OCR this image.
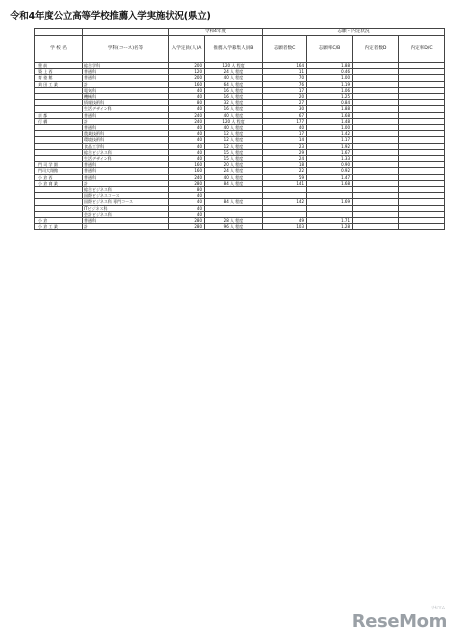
令和4年度公立高等学校推薦入学実施状況(県立)
		令和4年度		志願・内定状況			
学 校 名	学科(コース)名等	入学定員(人)A	推薦入学募集人員B	志願者数C	志願率C/B	内定者数D	内定率D/C
豊 前	総合学科	200	120 人 程度	164	1.88		
築 上 西	普通科	120	24 人 程度	11	0.46		
育 徳 館	普通科	200	40 人 程度	70	1.00		
苅 田 工 業	計	160	64 人 程度	76	1.19		
	電気科	40	16 人 程度	17	1.06		
	機械科	40	16 人 程度	20	1.25		
	情報技術科	80	32 人 程度	27	0.84		
	生活デザイン科	40	16 人 程度	30	1.88		
京 都	普通科	240	40 人 程度	67	1.68		
行 橋	計	240	120 人 程度	177	1.48		
	普通科	40	40 人 程度	40	1.00		
	農業技術科	40	12 人 程度	17	1.42		
	環境技術科	40	12 人 程度	14	1.17		
	食品工学科	40	12 人 程度	23	1.92		
	総合ビジネス科	40	15 人 程度	29	1.67		
	生活デザイン科	40	15 人 程度	24	1.33		
門 司 学 園	普通科	160	20 人 程度	18	0.90		
門司大翔館	普通科	160	24 人 程度	22	0.92		
小 倉 西	普通科	240	40 人 程度	59	1.47		
小 倉 商 業	計	280	84 人 程度	141	1.68		
	総合ビジネス科	80					
	国際ビジネスコース	40					
	国際ビジネス科 専門コース	40	84 人 程度	142	1.69		
	ITビジネス科	40					
	会計ビジネス科	40					
小 倉	普通科	280	28 人 程度	49	1.71		
小 倉 工 業	計	280	96 人 程度	103	1.28		
リセマム
ReseMom
